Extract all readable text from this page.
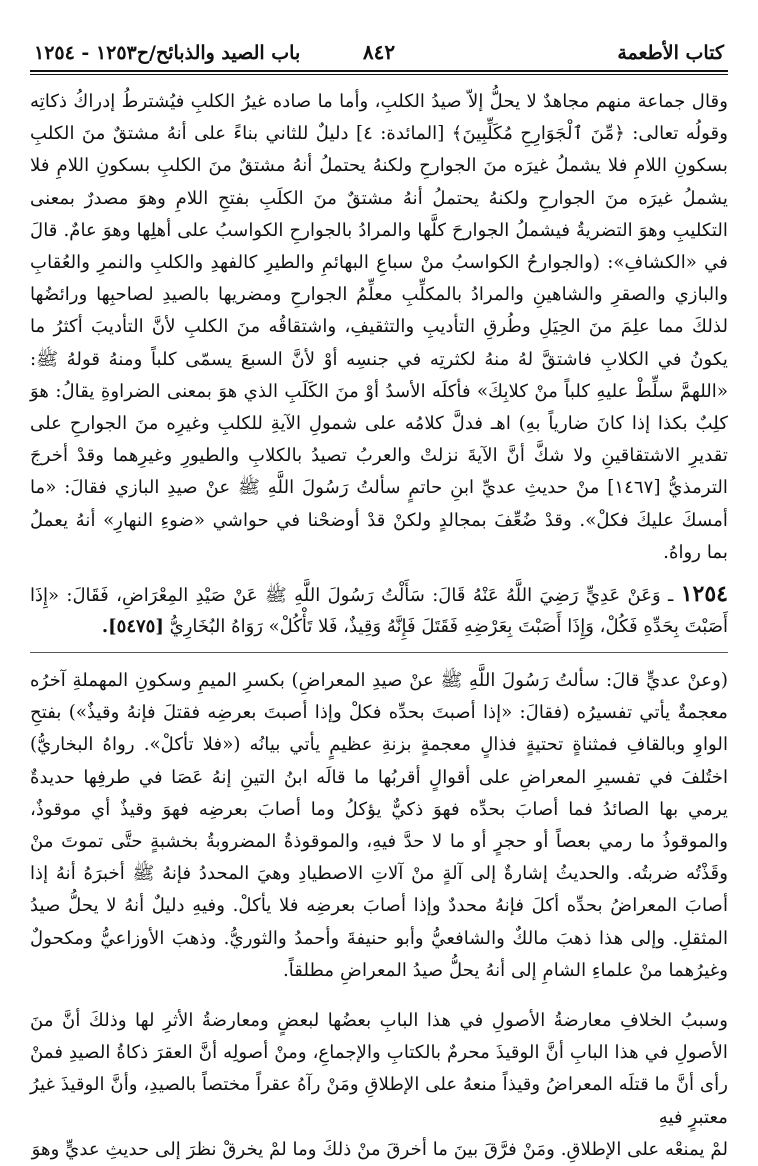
كتاب الأطعمة
٨٤٢
باب الصيد والذبائح/ح١٢٥٣ - ١٢٥٤

وقال جماعة منهم مجاهدٌ لا يحلُّ إلاّ صيدُ الكلبِ، وأما ما صاده غيرُ الكلبِ فيُشترطُ إدراكُ ذكاتِه وقولُه تعالى: ﴿مِّنَ ٱلْجَوَارِحِ مُكَلِّبِينَ﴾ [المائدة: ٤] دليلٌ للثاني بناءً على أنهُ مشتقٌ منَ الكلبِ بسكونِ اللامِ فلا يشملُ غيرَه منَ الجوارحِ ولكنهُ يحتملُ أنهُ مشتقٌ منَ الكلبِ بسكونِ اللامِ فلا يشملُ غيرَه منَ الجوارحِ ولكنهُ يحتملُ أنهُ مشتقٌ منَ الكلَبِ بفتحِ اللامِ وهوَ مصدرٌ بمعنى التكليبِ وهوَ التضريةُ فيشملُ الجوارحَ كلَّها والمرادُ بالجوارحِ الكواسبُ على أهلِها وهوَ عامٌ. قالَ في «الكشافِ»: (والجوارحُ الكواسبُ منْ سباعِ البهائمِ والطيرِ كالفهدِ والكلبِ والنمرِ والعُقابِ والبازي والصقرِ والشاهينِ والمرادُ بالمكلِّبِ معلِّمُ الجوارحِ ومضريها بالصيدِ لصاحبِها ورائضُها لذلكَ مما علِمَ منَ الحِيَلِ وطُرقِ التأديبِ والتثقيفِ، واشتقاقُه منَ الكلبِ لأنَّ التأديبَ أكثرُ ما يكونُ في الكلابِ فاشتقَّ لهُ منهُ لكثرتِه في جنسِه أوْ لأنَّ السبعَ يسمّى كلباً ومنهُ قولهُ ﷺ: «اللهمَّ سلِّطْ عليهِ كلباً منْ كلابِكَ» فأكلَه الأسدُ أوْ منَ الكَلَبِ الذي هوَ بمعنى الضراوةِ يقالُ: هوَ كلِبٌ بكذا إذا كانَ ضارياً بهِ) اهـ فدلَّ كلامُه على شمولِ الآيةِ للكلبِ وغيرِه منَ الجوارحِ على تقديرِ الاشتقاقينِ ولا شكَّ أنَّ الآيةَ نزلتْ والعربُ تصيدُ بالكلابِ والطيورِ وغيرِهما وقدْ أخرجَ الترمذيُّ [١٤٦٧] منْ حديثِ عديِّ ابنِ حاتمٍ سألتُ رَسُولَ اللَّهِ ﷺ عنْ صيدِ البازي فقالَ: «ما أمسكَ عليكَ فكلْ». وقدْ ضُعِّفَ بمجالدٍ ولكنْ قدْ أوضحْنا في حواشي «ضوءِ النهارِ» أنهُ يعملُ بما رواهُ.

١٢٥٤ ـ وَعَنْ عَدِيٍّ رَضِيَ اللَّهُ عَنْهُ قَالَ: سَأَلْتُ رَسُولَ اللَّهِ ﷺ عَنْ صَيْدِ المِعْرَاضِ، فَقَالَ: «إِذَا أَصَبْتَ بِحَدِّهِ فَكُلْ، وَإِذَا أَصَبْتَ بِعَرْضِهِ فَقَتَلَ فَإِنَّهُ وَقِيذٌ، فَلا تَأْكُلْ» رَوَاهُ البُخَارِيُّ [٥٤٧٥].

(وعنْ عديٍّ قالَ: سألتُ رَسُولَ اللَّهِ ﷺ عنْ صيدِ المعراضِ) بكسرِ الميمِ وسكونِ المهملةِ آخرُه معجمةٌ يأتي تفسيرُه (فقالَ: «إذا أصبتَ بحدِّه فكلْ وإذا أصبتَ بعرضِه فقتلَ فإنهُ وقيذٌ») بفتحِ الواوِ وبالقافِ فمثناةٍ تحتيةٍ فذالٍ معجمةٍ بزنةِ عظيمٍ يأتي بيانُه («فلا تأكلْ». رواهُ البخاريُّ) اختُلفَ في تفسيرِ المعراضِ على أقوالٍ أقربُها ما قالَه ابنُ التينِ إنهُ عَصَا في طرفِها حديدةٌ يرمي بها الصائدُ فما أصابَ بحدِّه فهوَ ذكيٌّ يؤكلُ وما أصابَ بعرضِه فهوَ وقيذٌ أي موقوذٌ، والموقوذُ ما رمي بعصاً أو حجرٍ أو ما لا حدَّ فيهِ، والموقوذةُ المضروبةُ بخشبةٍ حتَّى تموتَ منْ وقَذْتُه ضربتُه. والحديثُ إشارةٌ إلى آلةٍ منْ آلاتِ الاصطيادِ وهيَ المحددُ فإنهُ ﷺ أخبرَهُ أنهُ إذا أصابَ المعراضُ بحدِّه أكلَ فإنهُ محددٌ وإذا أصابَ بعرضِه فلا يأكلْ. وفيهِ دليلٌ أنهُ لا يحلُّ صيدُ المثقلِ. وإلى هذا ذهبَ مالكٌ والشافعيُّ وأبو حنيفةَ وأحمدُ والثوريُّ. وذهبَ الأوزاعيُّ ومكحولٌ وغيرُهما منْ علماءِ الشامِ إلى أنهُ يحلُّ صيدُ المعراضِ مطلقاً.

وسببُ الخلافِ معارضةُ الأصولِ في هذا البابِ بعضُها لبعضٍ ومعارضةُ الأثرِ لها وذلكَ أنَّ منَ الأصولِ في هذا البابِ أنَّ الوقيذَ محرمٌ بالكتابِ والإجماعِ، ومنْ أصولِه أنَّ العقرَ ذكاةُ الصيدِ فمنْ رأى أنَّ ما قتلَه المعراضُ وقيذاً منعهُ على الإطلاقِ ومَنْ رآهُ عقراً مختصاً بالصيدِ، وأنَّ الوقيذَ غيرُ معتبرٍ فيهِ
لمْ يمنعْه على الإطلاقِ. ومَنْ فرَّقَ بينَ ما أخرقَ منْ ذلكَ وما لمْ يخرقْ نظرَ إلى حديثِ عديٍّ وهوَ
